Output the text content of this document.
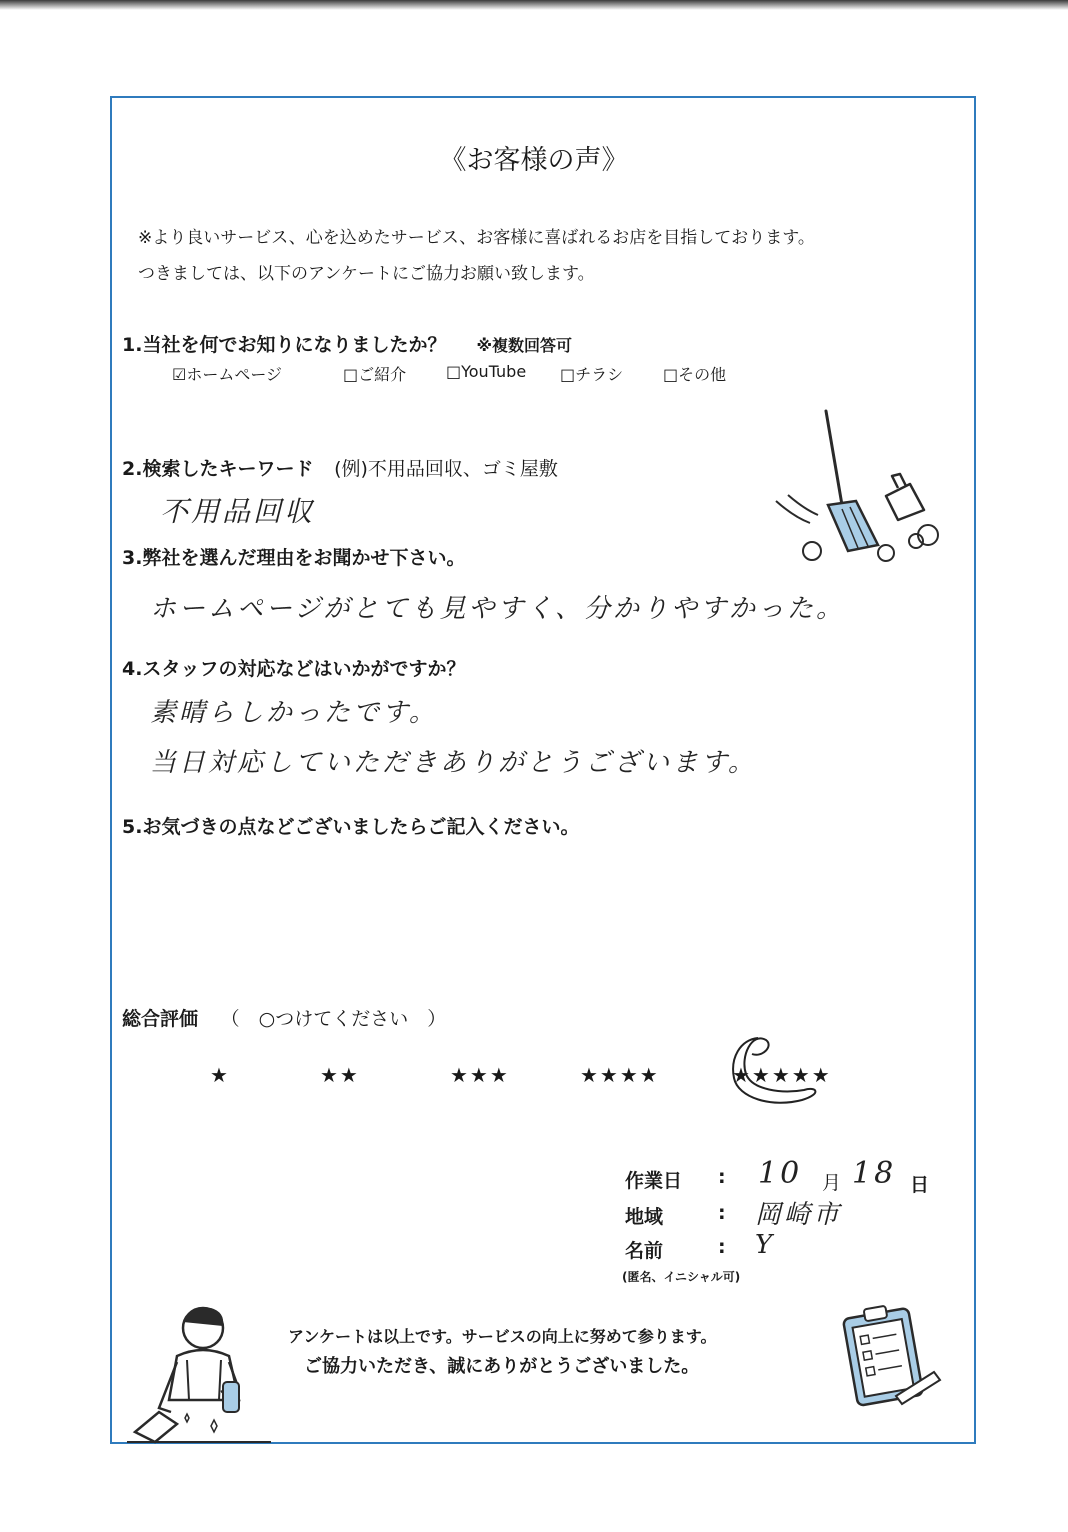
《お客様の声》
※より良いサービス、心を込めたサービス、お客様に喜ばれるお店を目指しております。
つきましては、以下のアンケートにご協力お願い致します。
1.当社を何でお知りになりましたか？ ※複数回答可
☑ホームページ	□ご紹介 □YouTube □チラシ □その他
2.検索したキーワード (例)不用品回収、ゴミ屋敷
不用品回収
3.弊社を選んだ理由をお聞かせ下さい。
ホームページがとても見やすく、分かりやすかった。
4.スタッフの対応などはいかがですか？
素晴らしかったです。
当日対応していただきありがとうございます。
5.お気づきの点などございましたらご記入ください。
総合評価 （　○つけてください　）
★	★★	★★★	★★★★	★★★★★
作業日 : 10 月 18 日
地域	: 岡崎市
名前	: Y
(匿名、イニシャル可)
アンケートは以上です。サービスの向上に努めて参ります。
ご協力いただき、誠にありがとうございました。
